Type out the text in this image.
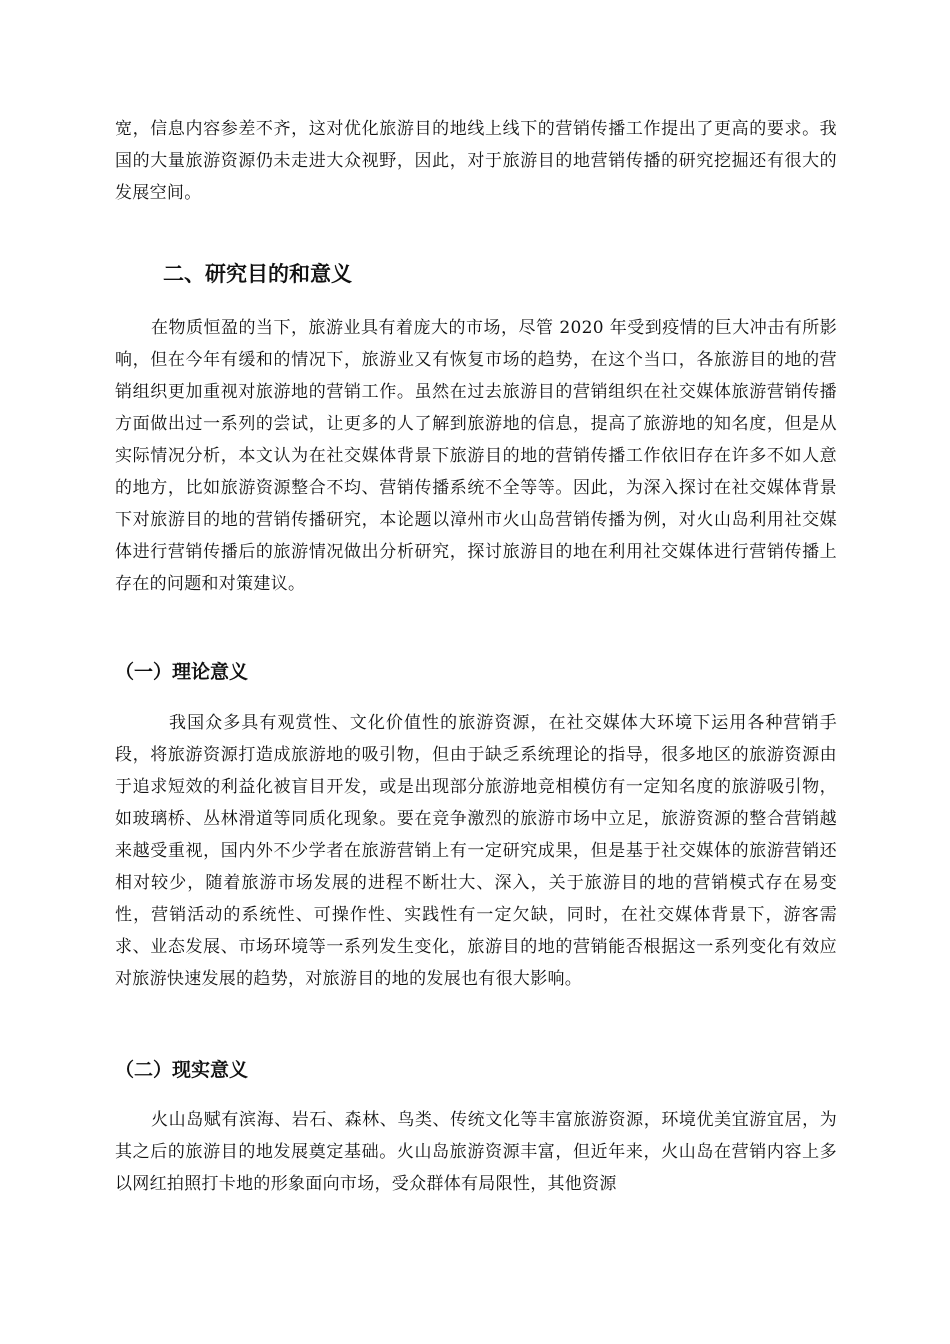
宽，信息内容参差不齐，这对优化旅游目的地线上线下的营销传播工作提出了更高的要求。我国的大量旅游资源仍未走进大众视野，因此，对于旅游目的地营销传播的研究挖掘还有很大的发展空间。

二、研究目的和意义

在物质恒盈的当下，旅游业具有着庞大的市场，尽管 2020 年受到疫情的巨大冲击有所影响，但在今年有缓和的情况下，旅游业又有恢复市场的趋势，在这个当口，各旅游目的地的营销组织更加重视对旅游地的营销工作。虽然在过去旅游目的营销组织在社交媒体旅游营销传播方面做出过一系列的尝试，让更多的人了解到旅游地的信息，提高了旅游地的知名度，但是从实际情况分析，本文认为在社交媒体背景下旅游目的地的营销传播工作依旧存在许多不如人意的地方，比如旅游资源整合不均、营销传播系统不全等等。因此，为深入探讨在社交媒体背景下对旅游目的地的营销传播研究，本论题以漳州市火山岛营销传播为例，对火山岛利用社交媒体进行营销传播后的旅游情况做出分析研究，探讨旅游目的地在利用社交媒体进行营销传播上存在的问题和对策建议。

（一）理论意义

我国众多具有观赏性、文化价值性的旅游资源，在社交媒体大环境下运用各种营销手段，将旅游资源打造成旅游地的吸引物，但由于缺乏系统理论的指导，很多地区的旅游资源由于追求短效的利益化被盲目开发，或是出现部分旅游地竞相模仿有一定知名度的旅游吸引物，如玻璃桥、丛林滑道等同质化现象。要在竞争激烈的旅游市场中立足，旅游资源的整合营销越来越受重视，国内外不少学者在旅游营销上有一定研究成果，但是基于社交媒体的旅游营销还相对较少，随着旅游市场发展的进程不断壮大、深入，关于旅游目的地的营销模式存在易变性，营销活动的系统性、可操作性、实践性有一定欠缺，同时，在社交媒体背景下，游客需求、业态发展、市场环境等一系列发生变化，旅游目的地的营销能否根据这一系列变化有效应对旅游快速发展的趋势，对旅游目的地的发展也有很大影响。

（二）现实意义

火山岛赋有滨海、岩石、森林、鸟类、传统文化等丰富旅游资源，环境优美宜游宜居，为其之后的旅游目的地发展奠定基础。火山岛旅游资源丰富，但近年来，火山岛在营销内容上多以网红拍照打卡地的形象面向市场，受众群体有局限性，其他资源
